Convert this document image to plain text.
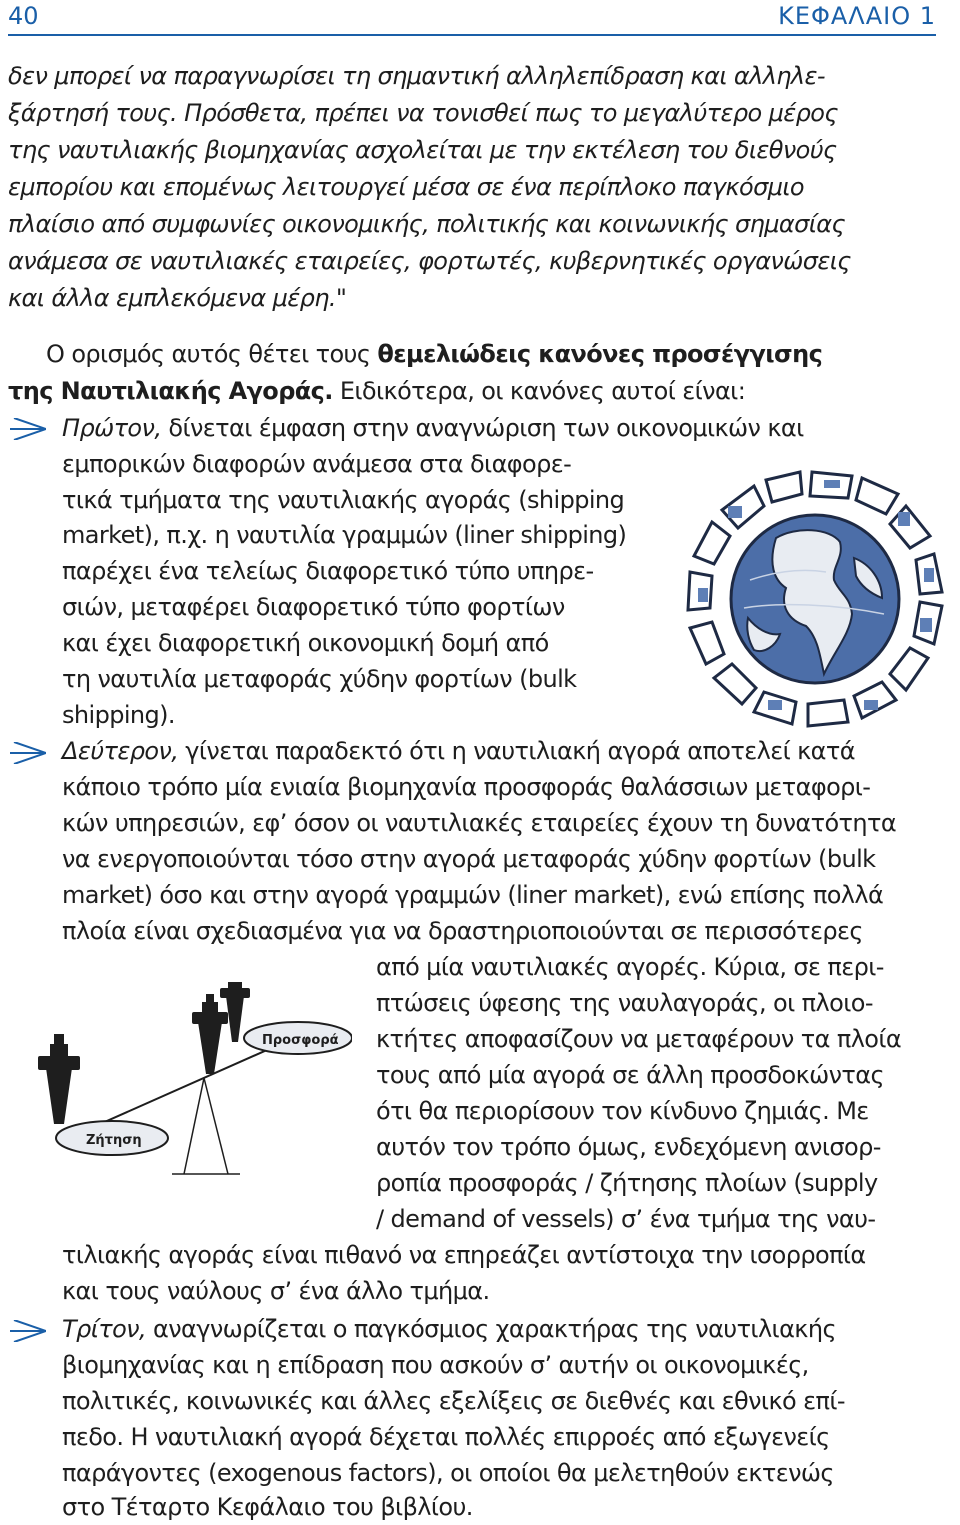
40	ΚΕΦΑΛΑΙΟ 1
δεν μπορεί να παραγνωρίσει τη σημαντική αλληλεπίδραση και αλληλε-
ξάρτησή τους. Πρόσθετα, πρέπει να τονισθεί πως το μεγαλύτερο μέρος
της ναυτιλιακής βιομηχανίας ασχολείται με την εκτέλεση του διεθνούς
εμπορίου και επομένως λειτουργεί μέσα σε ένα περίπλοκο παγκόσμιο
πλαίσιο από συμφωνίες οικονομικής, πολιτικής και κοινωνικής σημασίας
ανάμεσα σε ναυτιλιακές εταιρείες, φορτωτές, κυβερνητικές οργανώσεις
και άλλα εμπλεκόμενα μέρη."
Ο ορισμός αυτός θέτει τους θεμελιώδεις κανόνες προσέγγισης
της Ναυτιλιακής Αγοράς. Ειδικότερα, οι κανόνες αυτοί είναι:
Πρώτον, δίνεται έμφαση στην αναγνώριση των οικονομικών και
εμπορικών διαφορών ανάμεσα στα διαφορε-
τικά τμήματα της ναυτιλιακής αγοράς (shipping
market), π.χ. η ναυτιλία γραμμών (liner shipping)
παρέχει ένα τελείως διαφορετικό τύπο υπηρε-
σιών, μεταφέρει διαφορετικό τύπο φορτίων
και έχει διαφορετική οικονομική δομή από
τη ναυτιλία μεταφοράς χύδην φορτίων (bulk
shipping).
Δεύτερον, γίνεται παραδεκτό ότι η ναυτιλιακή αγορά αποτελεί κατά
κάποιο τρόπο μία ενιαία βιομηχανία προσφοράς θαλάσσιων μεταφορι-
κών υπηρεσιών, εφ’ όσον οι ναυτιλιακές εταιρείες έχουν τη δυνατότητα
να ενεργοποιούνται τόσο στην αγορά μεταφοράς χύδην φορτίων (bulk
market) όσο και στην αγορά γραμμών (liner market), ενώ επίσης πολλά
πλοία είναι σχεδιασμένα για να δραστηριοποιούνται σε περισσότερες
από μία ναυτιλιακές αγορές. Κύρια, σε περι-
πτώσεις ύφεσης της ναυλαγοράς, οι πλοιο-
κτήτες αποφασίζουν να μεταφέρουν τα πλοία
τους από μία αγορά σε άλλη προσδοκώντας
ότι θα περιορίσουν τον κίνδυνο ζημιάς. Με
αυτόν τον τρόπο όμως, ενδεχόμενη ανισορ-
ροπία προσφοράς / ζήτησης πλοίων (supply
/ demand of vessels) σ’ ένα τμήμα της ναυ-
τιλιακής αγοράς είναι πιθανό να επηρεάζει αντίστοιχα την ισορροπία
και τους ναύλους σ’ ένα άλλο τμήμα.
Προσφορά
Ζήτηση
Τρίτον, αναγνωρίζεται ο παγκόσμιος χαρακτήρας της ναυτιλιακής
βιομηχανίας και η επίδραση που ασκούν σ’ αυτήν οι οικονομικές,
πολιτικές, κοινωνικές και άλλες εξελίξεις σε διεθνές και εθνικό επί-
πεδο. Η ναυτιλιακή αγορά δέχεται πολλές επιρροές από εξωγενείς
παράγοντες (exogenous factors), οι οποίοι θα μελετηθούν εκτενώς
στο Τέταρτο Κεφάλαιο του βιβλίου.
